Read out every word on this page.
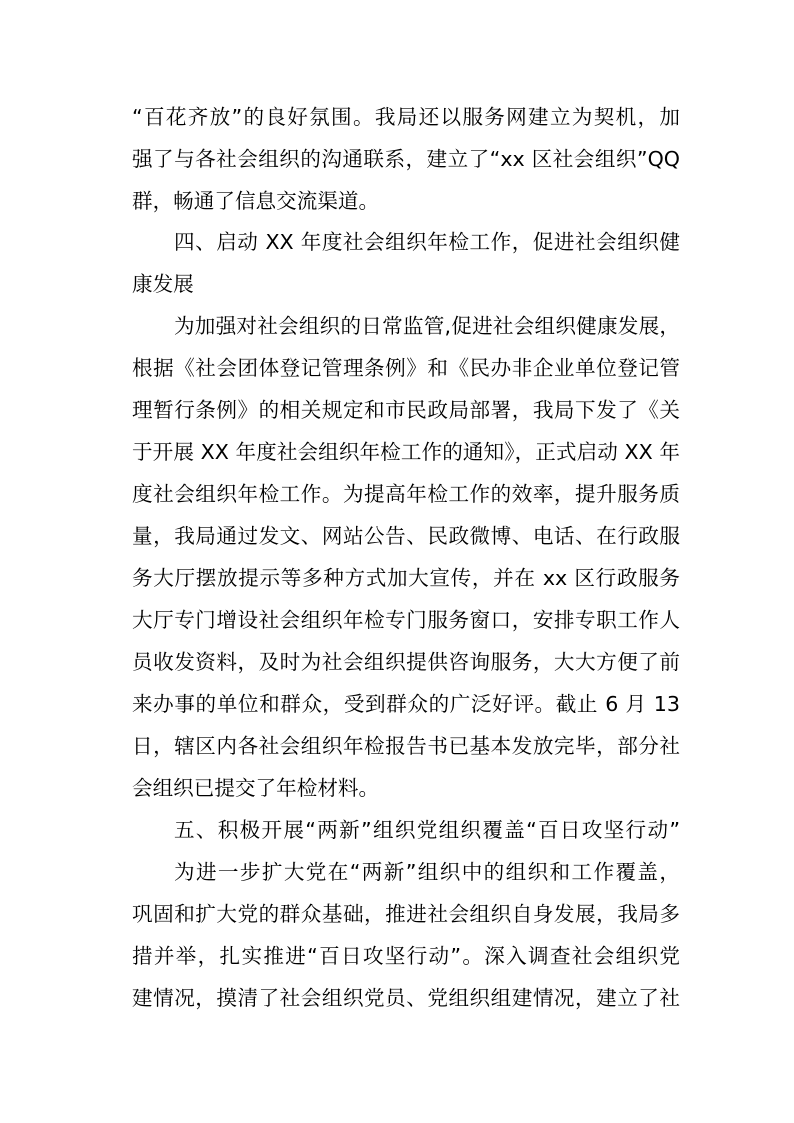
“百花齐放”的良好氛围。我局还以服务网建立为契机，加
强了与各社会组织的沟通联系，建立了“xx 区社会组织”QQ
群，畅通了信息交流渠道。
四、启动 XX 年度社会组织年检工作，促进社会组织健
康发展
为加强对社会组织的日常监管,促进社会组织健康发展，
根据《社会团体登记管理条例》和《民办非企业单位登记管
理暂行条例》的相关规定和市民政局部署，我局下发了《关
于开展 XX 年度社会组织年检工作的通知》，正式启动 XX 年
度社会组织年检工作。为提高年检工作的效率，提升服务质
量，我局通过发文、网站公告、民政微博、电话、在行政服
务大厅摆放提示等多种方式加大宣传，并在 xx 区行政服务
大厅专门增设社会组织年检专门服务窗口，安排专职工作人
员收发资料，及时为社会组织提供咨询服务，大大方便了前
来办事的单位和群众，受到群众的广泛好评。截止 6 月 13
日，辖区内各社会组织年检报告书已基本发放完毕，部分社
会组织已提交了年检材料。
五、积极开展“两新”组织党组织覆盖“百日攻坚行动”
为进一步扩大党在“两新”组织中的组织和工作覆盖，
巩固和扩大党的群众基础，推进社会组织自身发展，我局多
措并举，扎实推进“百日攻坚行动”。深入调查社会组织党
建情况，摸清了社会组织党员、党组织组建情况，建立了社
